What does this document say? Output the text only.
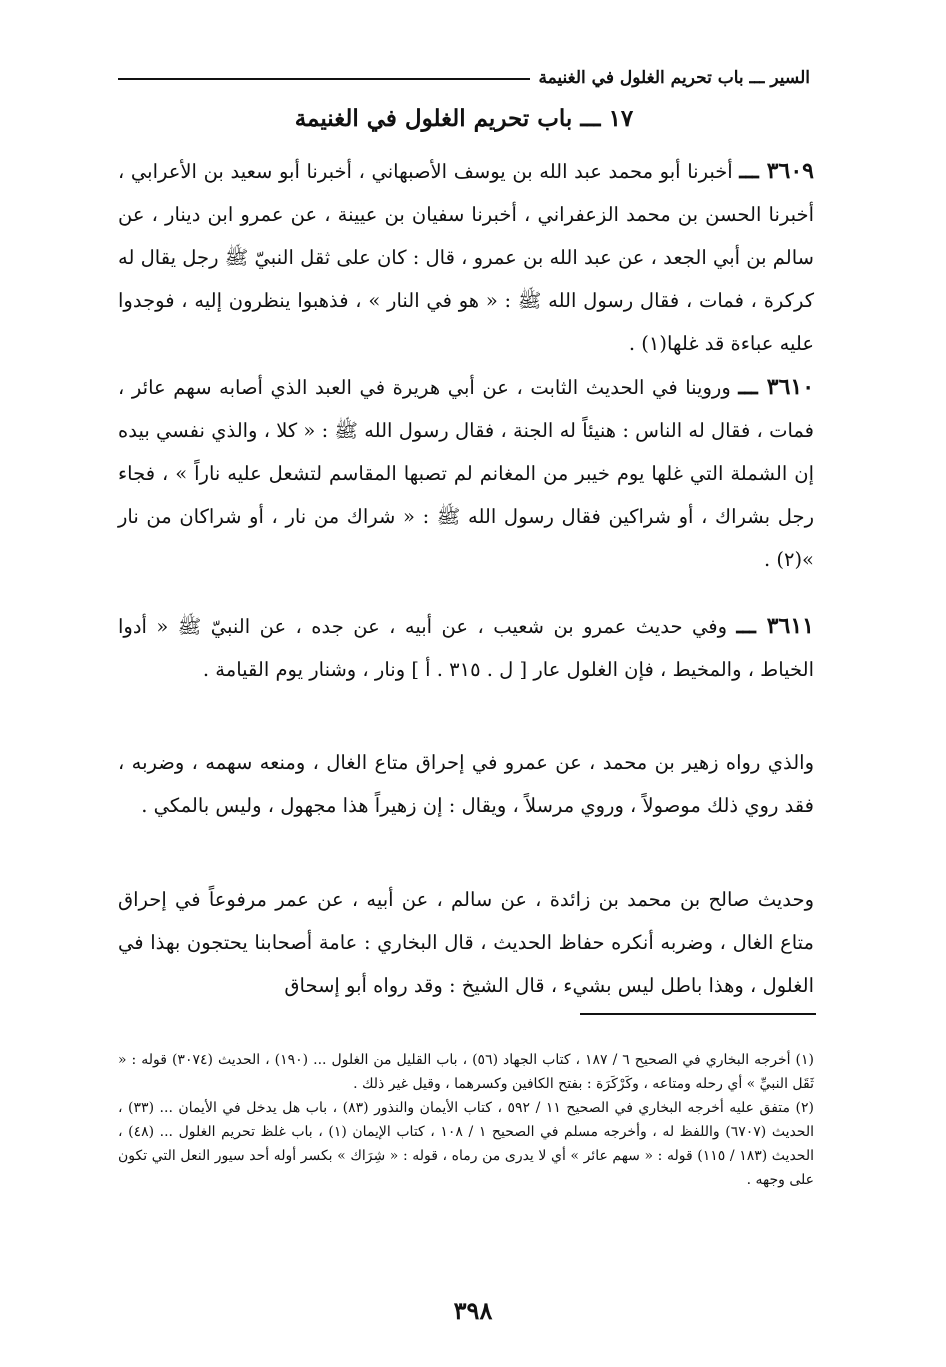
السير ـــ باب تحريم الغلول في الغنيمة
١٧ ـــ باب تحريم الغلول في الغنيمة

٣٦٠٩ ـــ أخبرنا أبو محمد عبد الله بن يوسف الأصبهاني ، أخبرنا أبو سعيد بن الأعرابي ، أخبرنا الحسن بن محمد الزعفراني ، أخبرنا سفيان بن عيينة ، عن عمرو ابن دينار ، عن سالم بن أبي الجعد ، عن عبد الله بن عمرو ، قال : كان على ثقل النبيّ ﷺ رجل يقال له كركرة ، فمات ، فقال رسول الله ﷺ : « هو في النار » ، فذهبوا ينظرون إليه ، فوجدوا عليه عباءة قد غلها(١) .

٣٦١٠ ـــ وروينا في الحديث الثابت ، عن أبي هريرة في العبد الذي أصابه سهم عائر ، فمات ، فقال له الناس : هنيئاً له الجنة ، فقال رسول الله ﷺ : « كلا ، والذي نفسي بيده إن الشملة التي غلها يوم خيبر من المغانم لم تصبها المقاسم لتشعل عليه ناراً » ، فجاء رجل بشراك ، أو شراكين فقال رسول الله ﷺ : « شراك من نار ، أو شراكان من نار »(٢) .

٣٦١١ ـــ وفي حديث عمرو بن شعيب ، عن أبيه ، عن جده ، عن النبيّ ﷺ « أدوا الخياط ، والمخيط ، فإن الغلول عار [ ل . ٣١٥ . أ ] ونار ، وشنار يوم القيامة .

والذي رواه زهير بن محمد ، عن عمرو في إحراق متاع الغال ، ومنعه سهمه ، وضربه ، فقد روي ذلك موصولاً ، وروي مرسلاً ، ويقال : إن زهيراً هذا مجهول ، وليس بالمكي .

وحديث صالح بن محمد بن زائدة ، عن سالم ، عن أبيه ، عن عمر مرفوعاً في إحراق متاع الغال ، وضربه أنكره حفاظ الحديث ، قال البخاري : عامة أصحابنا يحتجون بهذا في الغلول ، وهذا باطل ليس بشيء ، قال الشيخ : وقد رواه أبو إسحاق

(١) أخرجه البخاري في الصحيح ٦ / ١٨٧ ، كتاب الجهاد (٥٦) ، باب القليل من الغلول ... (١٩٠) ، الحديث (٣٠٧٤) قوله : « ثَقَل النبيِّ » أي رحله ومتاعه ، وكَرْكَرَة : بفتح الكافين وكسرهما ، وقيل غير ذلك .

(٢) متفق عليه أخرجه البخاري في الصحيح ١١ / ٥٩٢ ، كتاب الأيمان والنذور (٨٣) ، باب هل يدخل في الأيمان ... (٣٣) ، الحديث (٦٧٠٧) واللفظ له ، وأخرجه مسلم في الصحيح ١ / ١٠٨ ، كتاب الإيمان (١) ، باب غلظ تحريم الغلول ... (٤٨) ، الحديث (١٨٣ / ١١٥) قوله : « سهم عائر » أي لا يدرى من رماه ، قوله : « شِرَاك » بكسر أوله أحد سيور النعل التي تكون على وجهه .

٣٩٨
